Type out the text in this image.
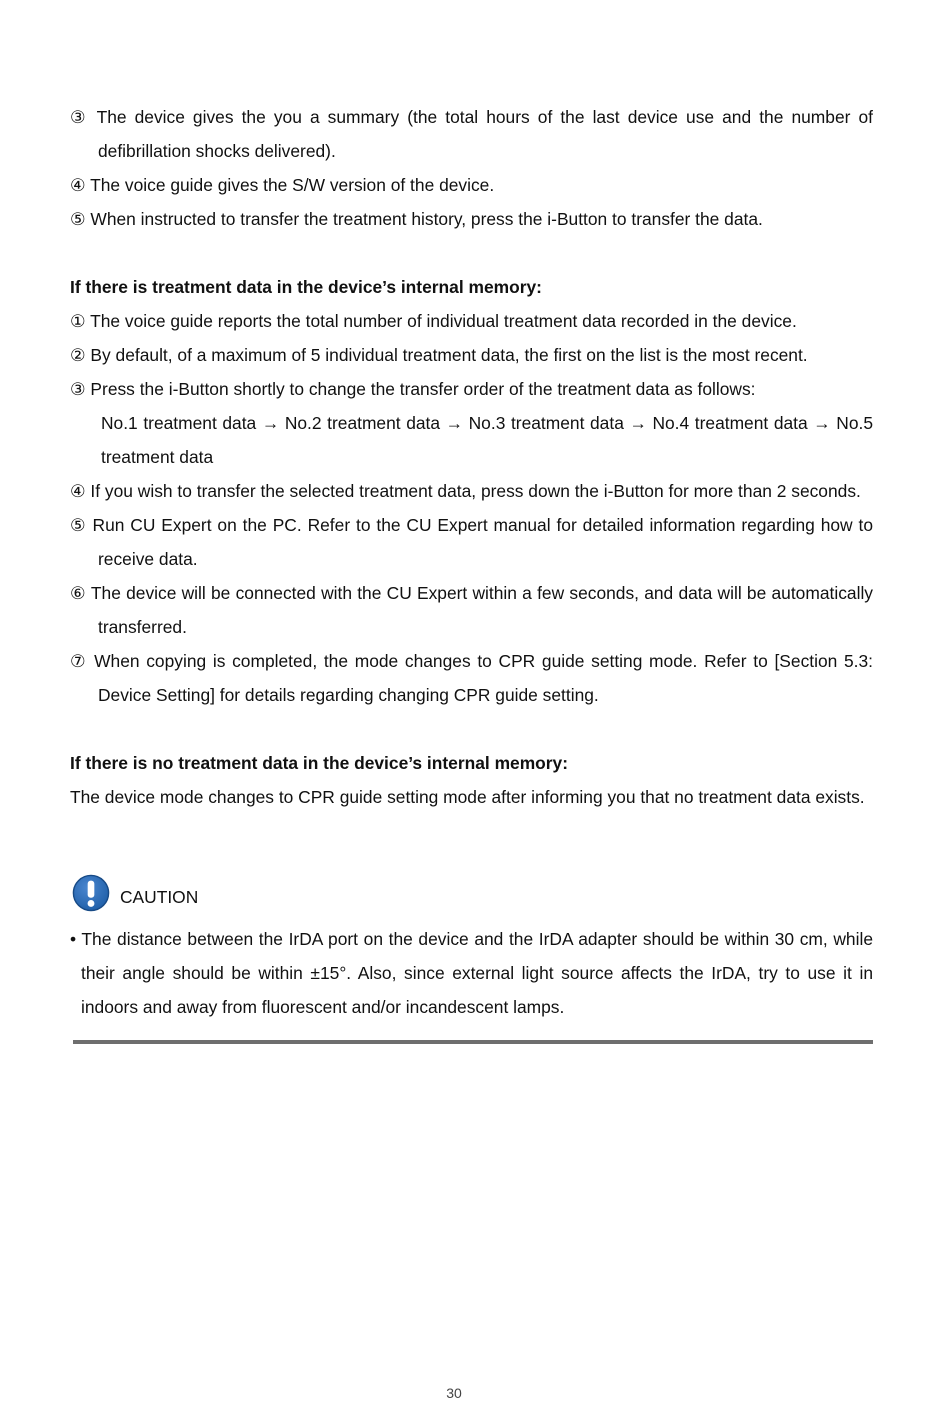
③ The device gives the you a summary (the total hours of the last device use and the number of defibrillation shocks delivered).

④ The voice guide gives the S/W version of the device.

⑤ When instructed to transfer the treatment history, press the i-Button to transfer the data.

If there is treatment data in the device’s internal memory:

① The voice guide reports the total number of individual treatment data recorded in the device.

② By default, of a maximum of 5 individual treatment data, the first on the list is the most recent.

③ Press the i-Button shortly to change the transfer order of the treatment data as follows:

No.1 treatment data → No.2 treatment data → No.3 treatment data → No.4 treatment data → No.5 treatment data

④ If you wish to transfer the selected treatment data, press down the i-Button for more than 2 seconds.

⑤ Run CU Expert on the PC. Refer to the CU Expert manual for detailed information regarding how to receive data.

⑥ The device will be connected with the CU Expert within a few seconds, and data will be automatically transferred.

⑦ When copying is completed, the mode changes to CPR guide setting mode. Refer to [Section 5.3: Device Setting] for details regarding changing CPR guide setting.

If there is no treatment data in the device’s internal memory:

The device mode changes to CPR guide setting mode after informing you that no treatment data exists.

CAUTION

• The distance between the IrDA port on the device and the IrDA adapter should be within 30 cm, while their angle should be within ±15°. Also, since external light source affects the IrDA, try to use it in indoors and away from fluorescent and/or incandescent lamps.

30
